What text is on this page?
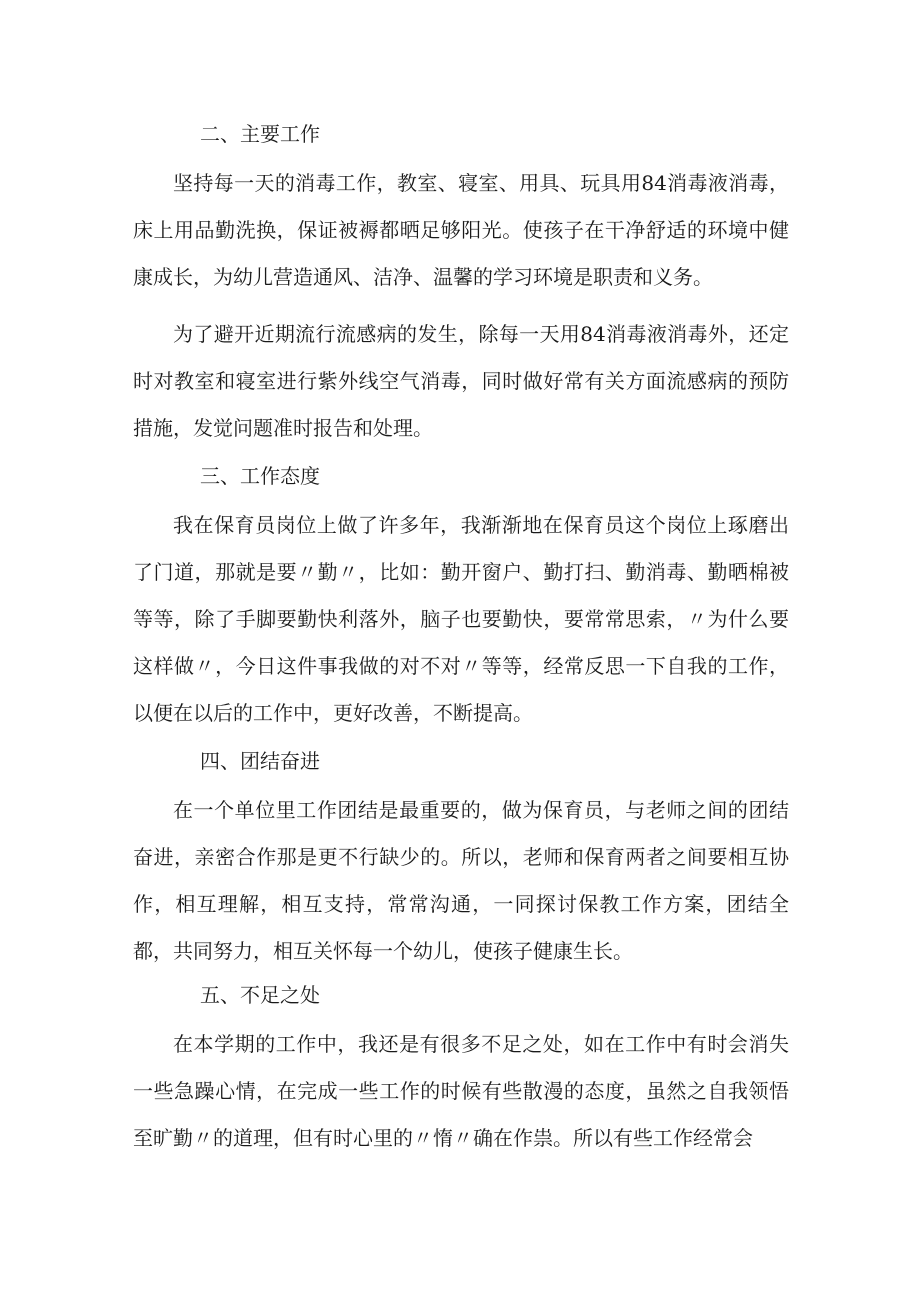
二、主要工作

坚持每一天的消毒工作，教室、寝室、用具、玩具用84消毒液消毒，床上用品勤洗换，保证被褥都晒足够阳光。使孩子在干净舒适的环境中健康成长，为幼儿营造通风、洁净、温馨的学习环境是职责和义务。

为了避开近期流行流感病的发生，除每一天用84消毒液消毒外，还定时对教室和寝室进行紫外线空气消毒，同时做好常有关方面流感病的预防措施，发觉问题准时报告和处理。

三、工作态度

我在保育员岗位上做了许多年，我渐渐地在保育员这个岗位上琢磨出了门道，那就是要〃勤〃，比如：勤开窗户、勤打扫、勤消毒、勤晒棉被等等，除了手脚要勤快利落外，脑子也要勤快，要常常思索，〃为什么要这样做〃，今日这件事我做的对不对〃等等，经常反思一下自我的工作，以便在以后的工作中，更好改善，不断提高。

四、团结奋进

在一个单位里工作团结是最重要的，做为保育员，与老师之间的团结奋进，亲密合作那是更不行缺少的。所以，老师和保育两者之间要相互协作，相互理解，相互支持，常常沟通，一同探讨保教工作方案，团结全都，共同努力，相互关怀每一个幼儿，使孩子健康生长。

五、不足之处

在本学期的工作中，我还是有很多不足之处，如在工作中有时会消失一些急躁心情，在完成一些工作的时候有些散漫的态度，虽然之自我领悟至旷勤〃的道理，但有时心里的〃惰〃确在作祟。所以有些工作经常会
